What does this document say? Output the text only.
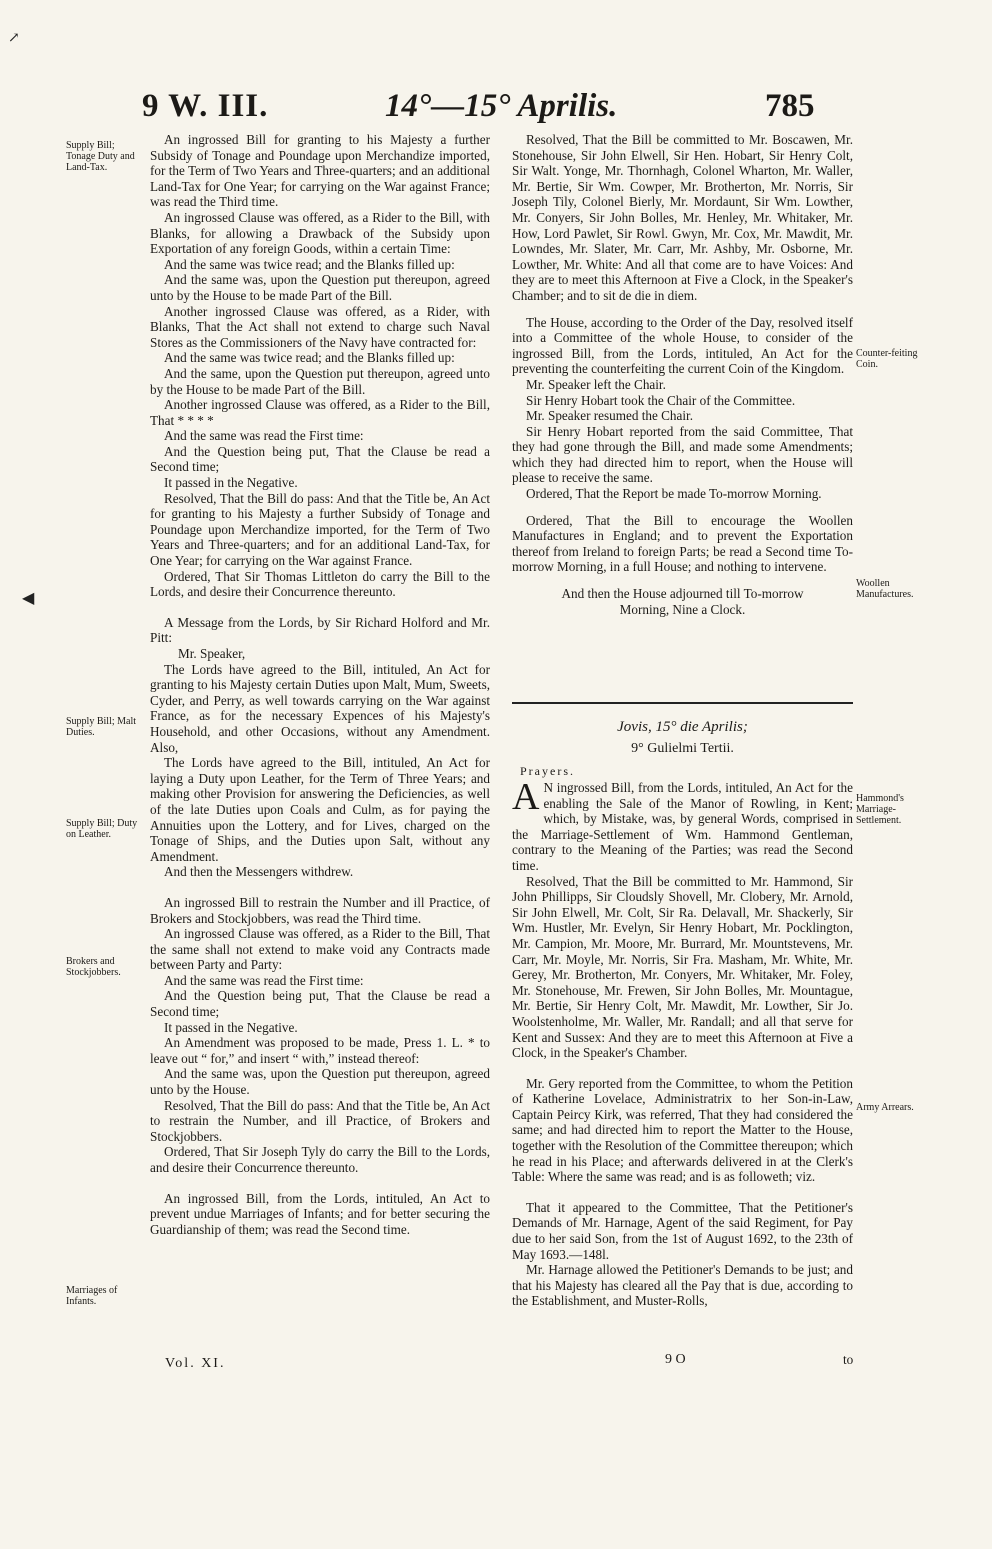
9 W. III.	14°—15° Aprilis.	785
Supply Bill; Tonage Duty and Land-Tax.
Supply Bill; Malt Duties.
Supply Bill; Duty on Leather.
Brokers and Stockjobbers.
Marriages of Infants.
Counter-feiting Coin.
Woollen Manufactures.
Hammond's Marriage-Settlement.
Army Arrears.

An ingrossed Bill for granting to his Majesty a further Subsidy of Tonage and Poundage upon Merchandize imported, for the Term of Two Years and Three-quarters; and an additional Land-Tax for One Year; for carrying on the War against France; was read the Third time.

An ingrossed Clause was offered, as a Rider to the Bill, with Blanks, for allowing a Drawback of the Subsidy upon Exportation of any foreign Goods, within a certain Time:

And the same was twice read; and the Blanks filled up:

And the same was, upon the Question put thereupon, agreed unto by the House to be made Part of the Bill.

Another ingrossed Clause was offered, as a Rider, with Blanks, That the Act shall not extend to charge such Naval Stores as the Commissioners of the Navy have contracted for:

And the same was twice read; and the Blanks filled up:

And the same, upon the Question put thereupon, agreed unto by the House to be made Part of the Bill.

Another ingrossed Clause was offered, as a Rider to the Bill, That * * * *

And the same was read the First time:

And the Question being put, That the Clause be read a Second time;

It passed in the Negative.

Resolved, That the Bill do pass: And that the Title be, An Act for granting to his Majesty a further Subsidy of Tonage and Poundage upon Merchandize imported, for the Term of Two Years and Three-quarters; and for an additional Land-Tax, for One Year; for carrying on the War against France.

Ordered, That Sir Thomas Littleton do carry the Bill to the Lords, and desire their Concurrence thereunto.

A Message from the Lords, by Sir Richard Holford and Mr. Pitt:

Mr. Speaker,

The Lords have agreed to the Bill, intituled, An Act for granting to his Majesty certain Duties upon Malt, Mum, Sweets, Cyder, and Perry, as well towards carrying on the War against France, as for the necessary Expences of his Majesty's Household, and other Occasions, without any Amendment. Also,

The Lords have agreed to the Bill, intituled, An Act for laying a Duty upon Leather, for the Term of Three Years; and making other Provision for answering the Deficiencies, as well of the late Duties upon Coals and Culm, as for paying the Annuities upon the Lottery, and for Lives, charged on the Tonage of Ships, and the Duties upon Salt, without any Amendment.

And then the Messengers withdrew.

An ingrossed Bill to restrain the Number and ill Practice, of Brokers and Stockjobbers, was read the Third time.

An ingrossed Clause was offered, as a Rider to the Bill, That the same shall not extend to make void any Contracts made between Party and Party:

And the same was read the First time:

And the Question being put, That the Clause be read a Second time;

It passed in the Negative.

An Amendment was proposed to be made, Press 1. L. * to leave out “ for,” and insert “ with,” instead thereof:

And the same was, upon the Question put thereupon, agreed unto by the House.

Resolved, That the Bill do pass: And that the Title be, An Act to restrain the Number, and ill Practice, of Brokers and Stockjobbers.

Ordered, That Sir Joseph Tyly do carry the Bill to the Lords, and desire their Concurrence thereunto.

An ingrossed Bill, from the Lords, intituled, An Act to prevent undue Marriages of Infants; and for better securing the Guardianship of them; was read the Second time.

Resolved, That the Bill be committed to Mr. Boscawen, Mr. Stonehouse, Sir John Elwell, Sir Hen. Hobart, Sir Henry Colt, Sir Walt. Yonge, Mr. Thornhagh, Colonel Wharton, Mr. Waller, Mr. Bertie, Sir Wm. Cowper, Mr. Brotherton, Mr. Norris, Sir Joseph Tily, Colonel Bierly, Mr. Mordaunt, Sir Wm. Lowther, Mr. Conyers, Sir John Bolles, Mr. Henley, Mr. Whitaker, Mr. How, Lord Pawlet, Sir Rowl. Gwyn, Mr. Cox, Mr. Mawdit, Mr. Lowndes, Mr. Slater, Mr. Carr, Mr. Ashby, Mr. Osborne, Mr. Lowther, Mr. White: And all that come are to have Voices: And they are to meet this Afternoon at Five a Clock, in the Speaker's Chamber; and to sit de die in diem.

The House, according to the Order of the Day, resolved itself into a Committee of the whole House, to consider of the ingrossed Bill, from the Lords, intituled, An Act for the preventing the counterfeiting the current Coin of the Kingdom.

Mr. Speaker left the Chair.

Sir Henry Hobart took the Chair of the Committee.

Mr. Speaker resumed the Chair.

Sir Henry Hobart reported from the said Committee, That they had gone through the Bill, and made some Amendments; which they had directed him to report, when the House will please to receive the same.

Ordered, That the Report be made To-morrow Morning.

Ordered, That the Bill to encourage the Woollen Manufactures in England; and to prevent the Exportation thereof from Ireland to foreign Parts; be read a Second time To-morrow Morning, in a full House; and nothing to intervene.

And then the House adjourned till To-morrow Morning, Nine a Clock.

Jovis, 15° die Aprilis;
9° Gulielmi Tertii.
Prayers.

A N ingrossed Bill, from the Lords, intituled, An Act for the enabling the Sale of the Manor of Rowling, in Kent; which, by Mistake, was, by general Words, comprised in the Marriage-Settlement of Wm. Hammond Gentleman, contrary to the Meaning of the Parties; was read the Second time.

Resolved, That the Bill be committed to Mr. Hammond, Sir John Phillipps, Sir Cloudsly Shovell, Mr. Clobery, Mr. Arnold, Sir John Elwell, Mr. Colt, Sir Ra. Delavall, Mr. Shackerly, Sir Wm. Hustler, Mr. Evelyn, Sir Henry Hobart, Mr. Pocklington, Mr. Campion, Mr. Moore, Mr. Burrard, Mr. Mountstevens, Mr. Carr, Mr. Moyle, Mr. Norris, Sir Fra. Masham, Mr. White, Mr. Gerey, Mr. Brotherton, Mr. Conyers, Mr. Whitaker, Mr. Foley, Mr. Stonehouse, Mr. Frewen, Sir John Bolles, Mr. Mountague, Mr. Bertie, Sir Henry Colt, Mr. Mawdit, Mr. Lowther, Sir Jo. Woolstenholme, Mr. Waller, Mr. Randall; and all that serve for Kent and Sussex: And they are to meet this Afternoon at Five a Clock, in the Speaker's Chamber.

Mr. Gery reported from the Committee, to whom the Petition of Katherine Lovelace, Administratrix to her Son-in-Law, Captain Peircy Kirk, was referred, That they had considered the same; and had directed him to report the Matter to the House, together with the Resolution of the Committee thereupon; which he read in his Place; and afterwards delivered in at the Clerk's Table: Where the same was read; and is as followeth; viz.

That it appeared to the Committee, That the Petitioner's Demands of Mr. Harnage, Agent of the said Regiment, for Pay due to her said Son, from the 1st of August 1692, to the 23th of May 1693.—148l.

Mr. Harnage allowed the Petitioner's Demands to be just; and that his Majesty has cleared all the Pay that is due, according to the Establishment, and Muster-Rolls,

Vol. XI.	9 O	to
↗
◀
